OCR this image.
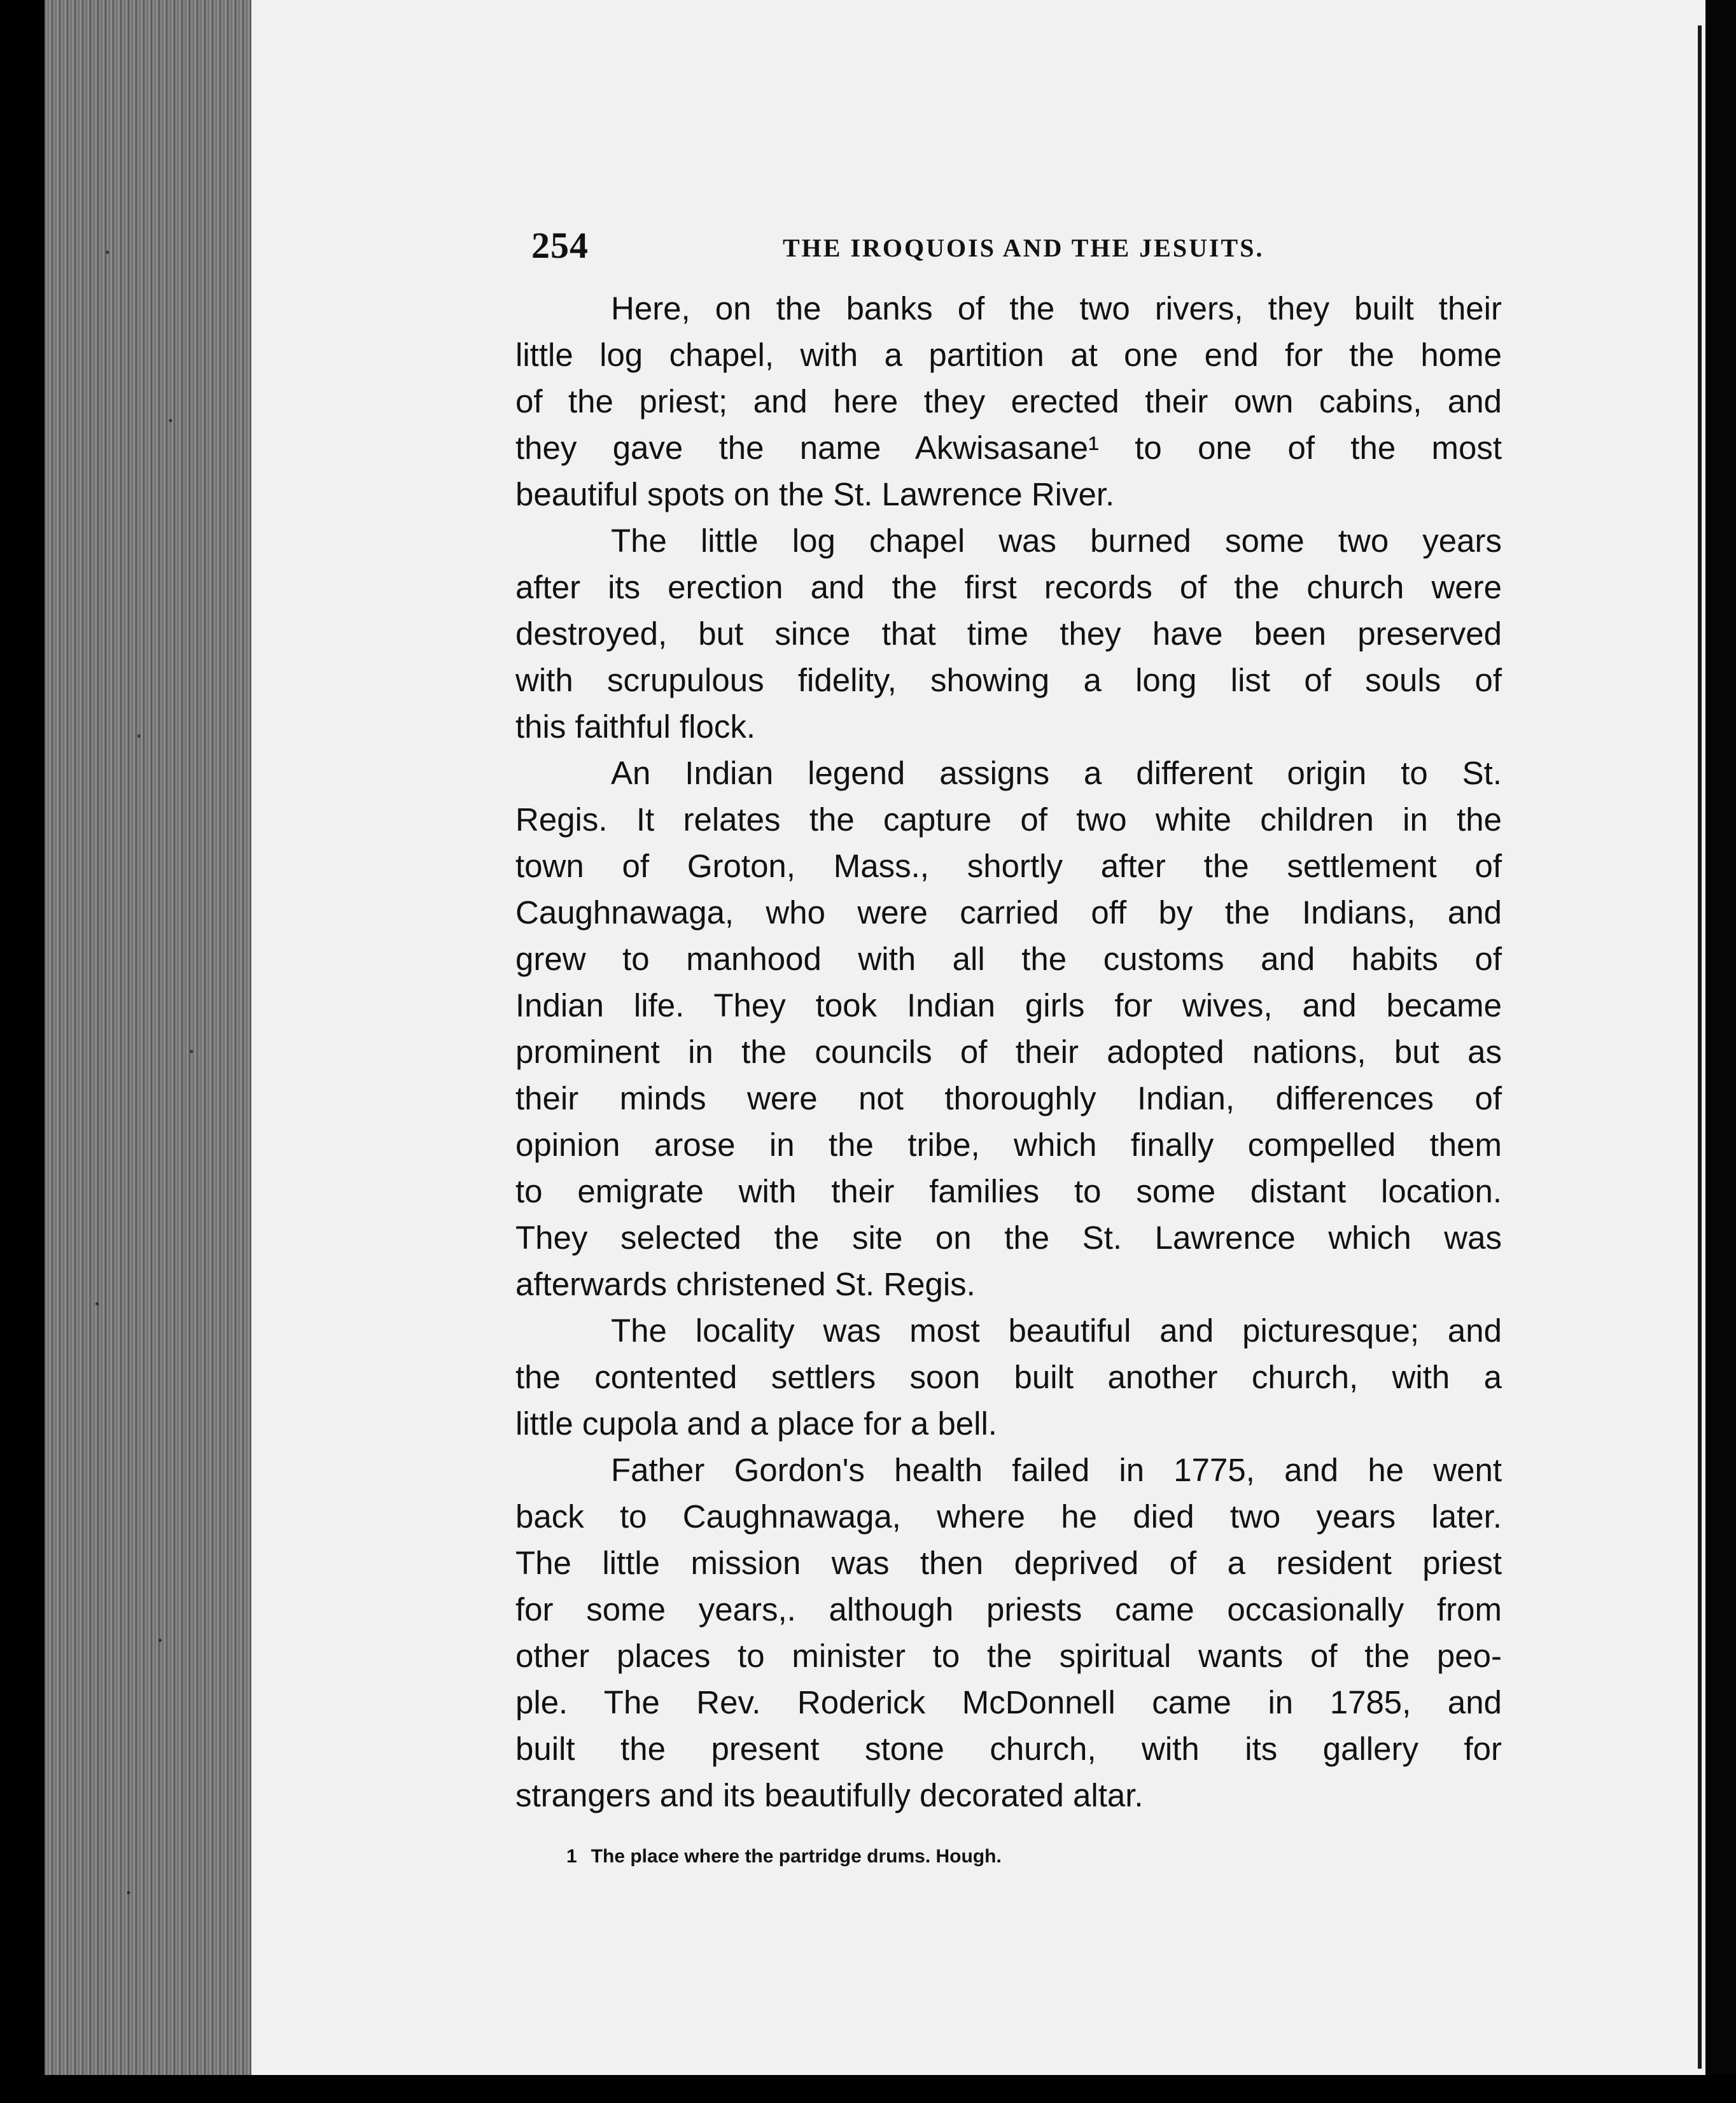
254	THE IROQUOIS AND THE JESUITS.
Here, on the banks of the two rivers, they built their
little log chapel, with a partition at one end for the home
of the priest; and here they erected their own cabins, and
they gave the name Akwisasane¹ to one of the most
beautiful spots on the St. Lawrence River.
The little log chapel was burned some two years
after its erection and the first records of the church were
destroyed, but since that time they have been preserved
with scrupulous fidelity, showing a long list of souls of
this faithful flock.
An Indian legend assigns a different origin to St.
Regis. It relates the capture of two white children in the
town of Groton, Mass., shortly after the settlement of
Caughnawaga, who were carried off by the Indians, and
grew to manhood with all the customs and habits of
Indian life. They took Indian girls for wives, and became
prominent in the councils of their adopted nations, but as
their minds were not thoroughly Indian, differences of
opinion arose in the tribe, which finally compelled them
to emigrate with their families to some distant location.
They selected the site on the St. Lawrence which was
afterwards christened St. Regis.
The locality was most beautiful and picturesque; and
the contented settlers soon built another church, with a
little cupola and a place for a bell.
Father Gordon's health failed in 1775, and he went
back to Caughnawaga, where he died two years later.
The little mission was then deprived of a resident priest
for some years,. although priests came occasionally from
other places to minister to the spiritual wants of the peo-
ple. The Rev. Roderick McDonnell came in 1785, and
built the present stone church, with its gallery for
strangers and its beautifully decorated altar.
1 The place where the partridge drums. Hough.
